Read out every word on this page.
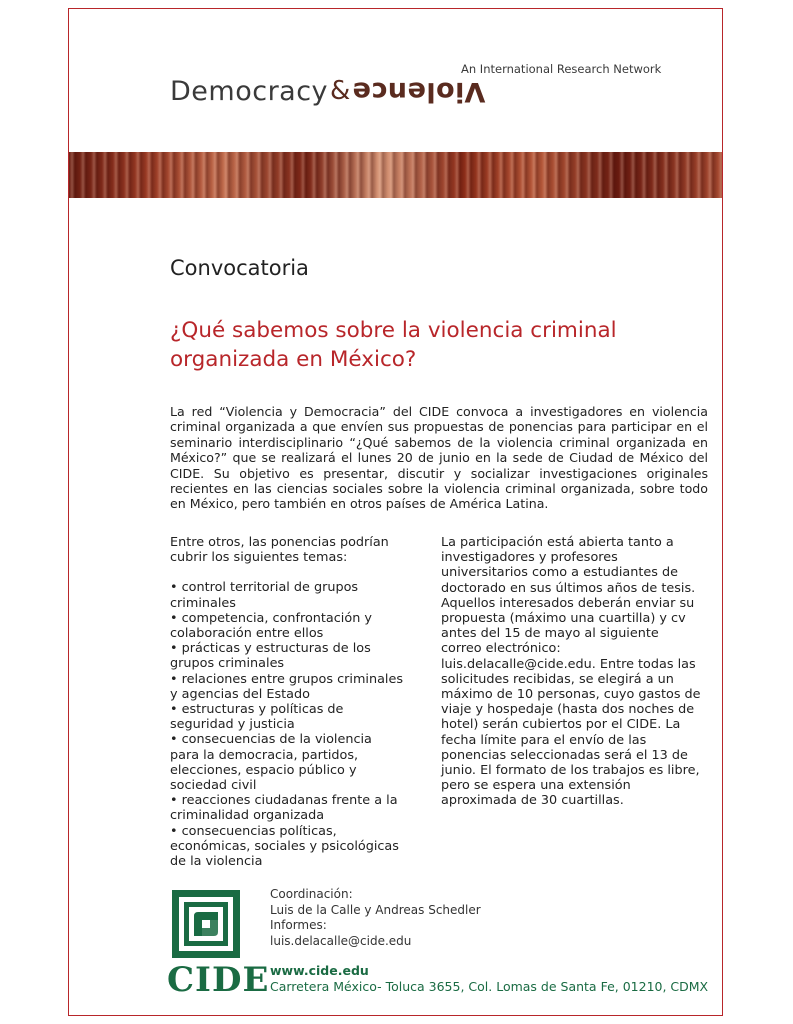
An International Research Network
Democracy & Violence
Convocatoria
¿Qué sabemos sobre la violencia criminal organizada en México?
La red “Violencia y Democracia” del CIDE convoca a investigadores en violencia criminal organizada a que envíen sus propuestas de ponencias para participar en el seminario interdisciplinario “¿Qué sabemos de la violencia criminal organizada en México?” que se realizará el lunes 20 de junio en la sede de Ciudad de México del CIDE. Su objetivo es presentar, discutir y socializar investigaciones originales recientes en las ciencias sociales sobre la violencia criminal organizada, sobre todo en México, pero también en otros países de América Latina.

Entre otros, las ponencias podrían cubrir los siguientes temas:

• control territorial de grupos criminales
• competencia, confrontación y colaboración entre ellos
• prácticas y estructuras de los grupos criminales
• relaciones entre grupos criminales y agencias del Estado
• estructuras y políticas de seguridad y justicia
• consecuencias de la violencia para la democracia, partidos, elecciones, espacio público y sociedad civil
• reacciones ciudadanas frente a la criminalidad organizada
• consecuencias políticas, económicas, sociales y psicológicas de la violencia

La participación está abierta tanto a investigadores y profesores universitarios como a estudiantes de doctorado en sus últimos años de tesis. Aquellos interesados deberán enviar su propuesta (máximo una cuartilla) y cv antes del 15 de mayo al siguiente correo electrónico: luis.delacalle@cide.edu. Entre todas las solicitudes recibidas, se elegirá a un máximo de 10 personas, cuyo gastos de viaje y hospedaje (hasta dos noches de hotel) serán cubiertos por el CIDE. La fecha límite para el envío de las ponencias seleccionadas será el 13 de junio. El formato de los trabajos es libre, pero se espera una extensión aproximada de 30 cuartillas.

CIDE
Coordinación:
Luis de la Calle y Andreas Schedler
Informes:
luis.delacalle@cide.edu
www.cide.edu
Carretera México- Toluca 3655, Col. Lomas de Santa Fe, 01210, CDMX
